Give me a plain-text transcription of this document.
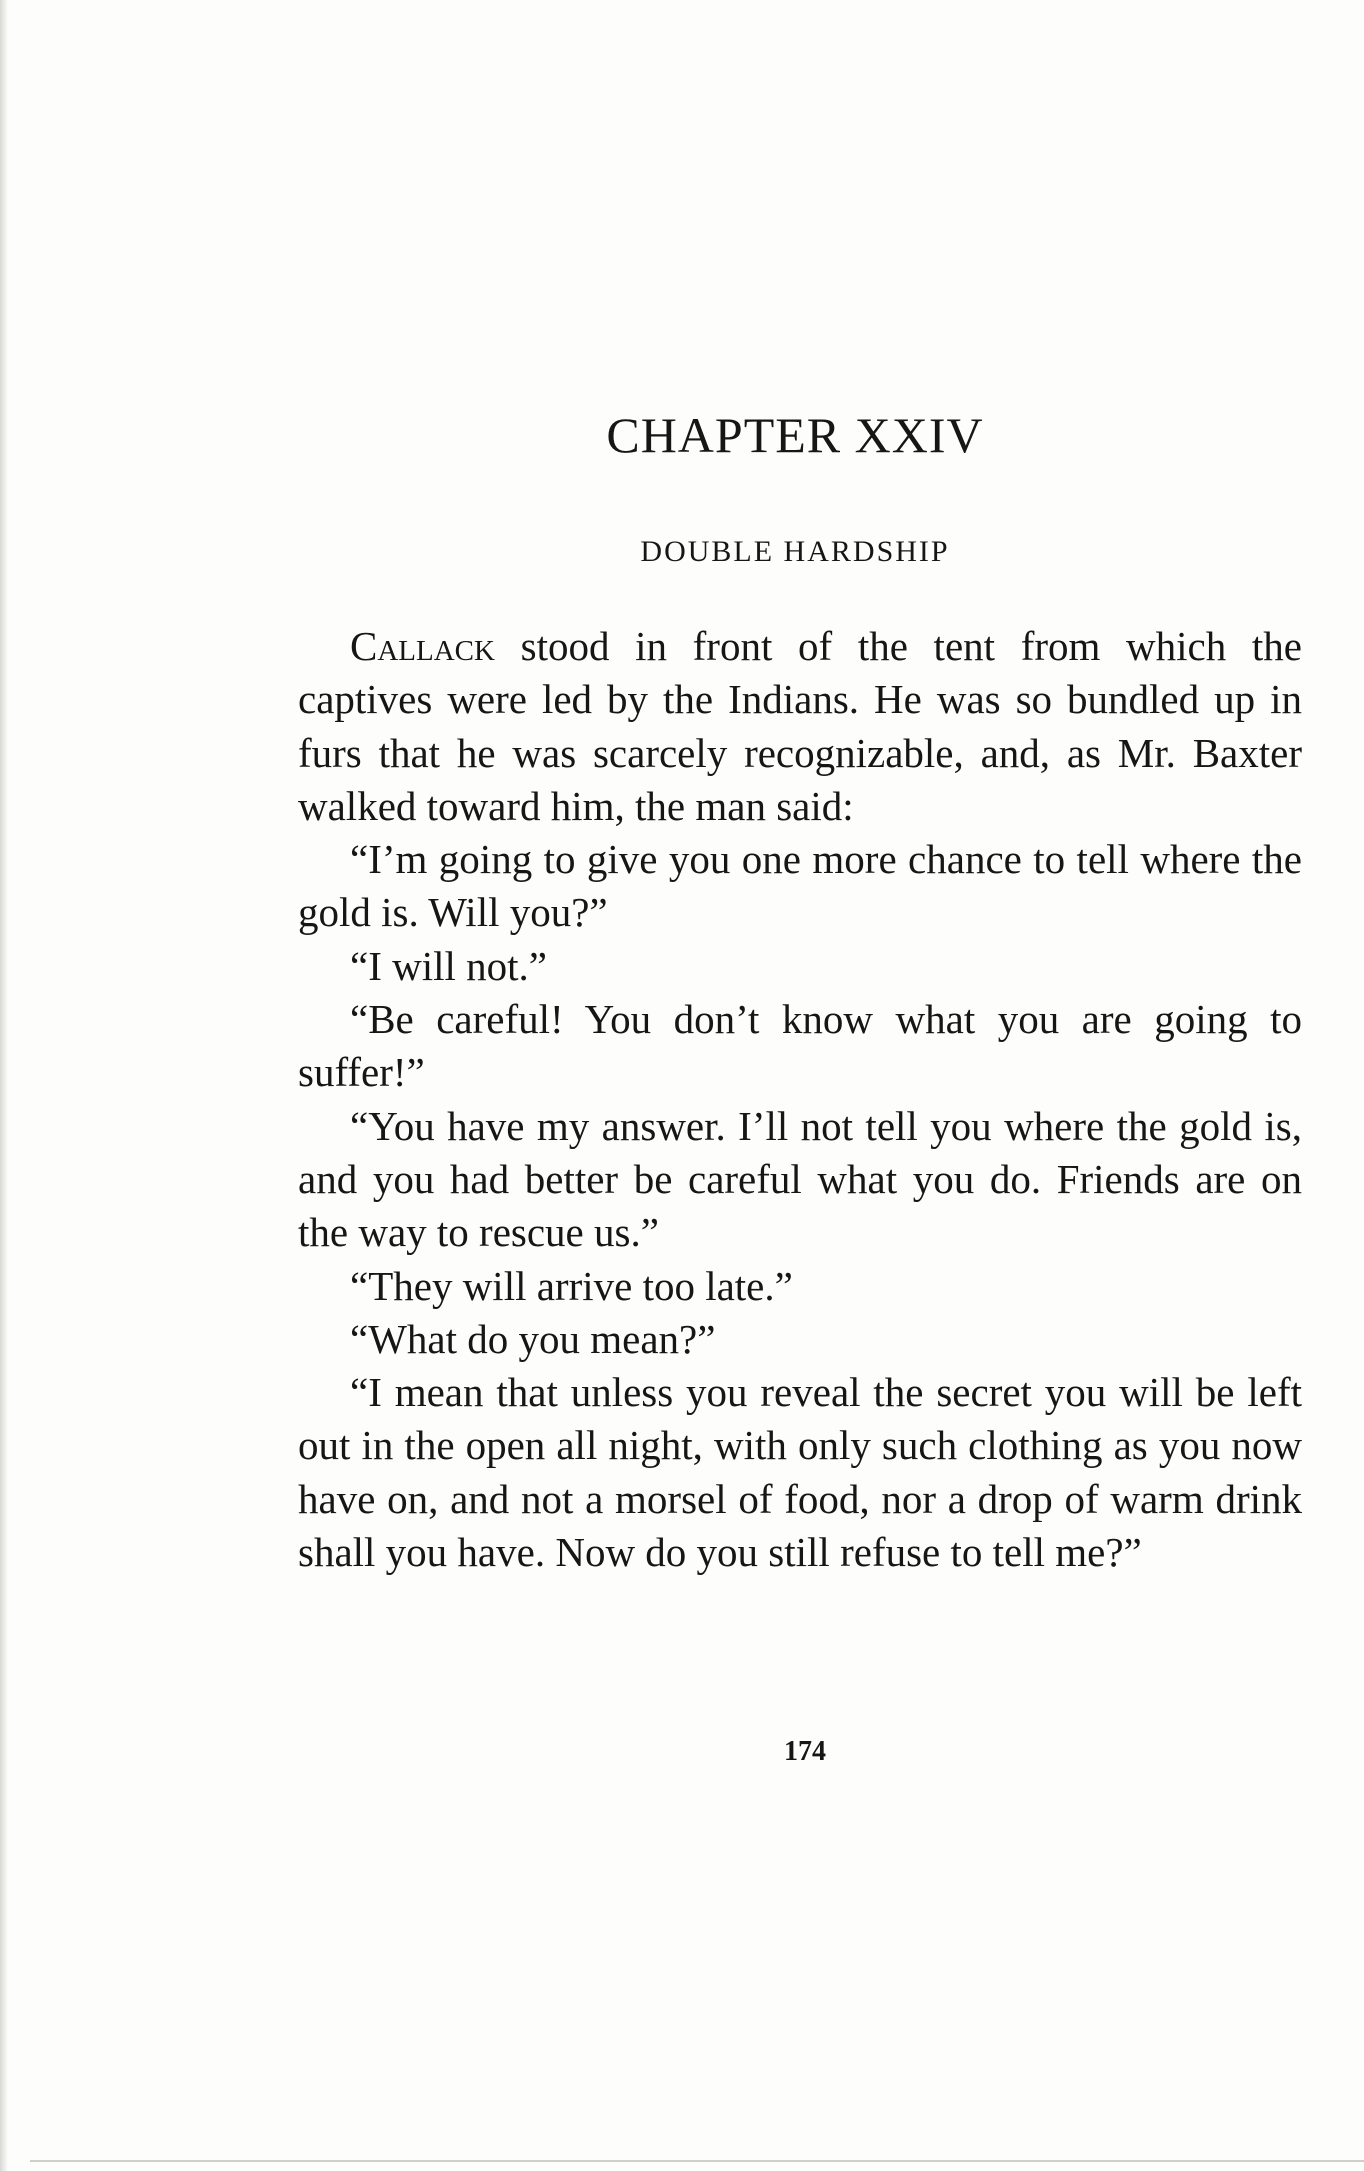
CHAPTER XXIV
DOUBLE HARDSHIP

Callack stood in front of the tent from which the captives were led by the Indians. He was so bundled up in furs that he was scarcely recognizable, and, as Mr. Baxter walked toward him, the man said:

“I’m going to give you one more chance to tell where the gold is. Will you?”

“I will not.”

“Be careful! You don’t know what you are going to suffer!”

“You have my answer. I’ll not tell you where the gold is, and you had better be careful what you do. Friends are on the way to rescue us.”

“They will arrive too late.”

“What do you mean?”

“I mean that unless you reveal the secret you will be left out in the open all night, with only such clothing as you now have on, and not a morsel of food, nor a drop of warm drink shall you have. Now do you still refuse to tell me?”

174
